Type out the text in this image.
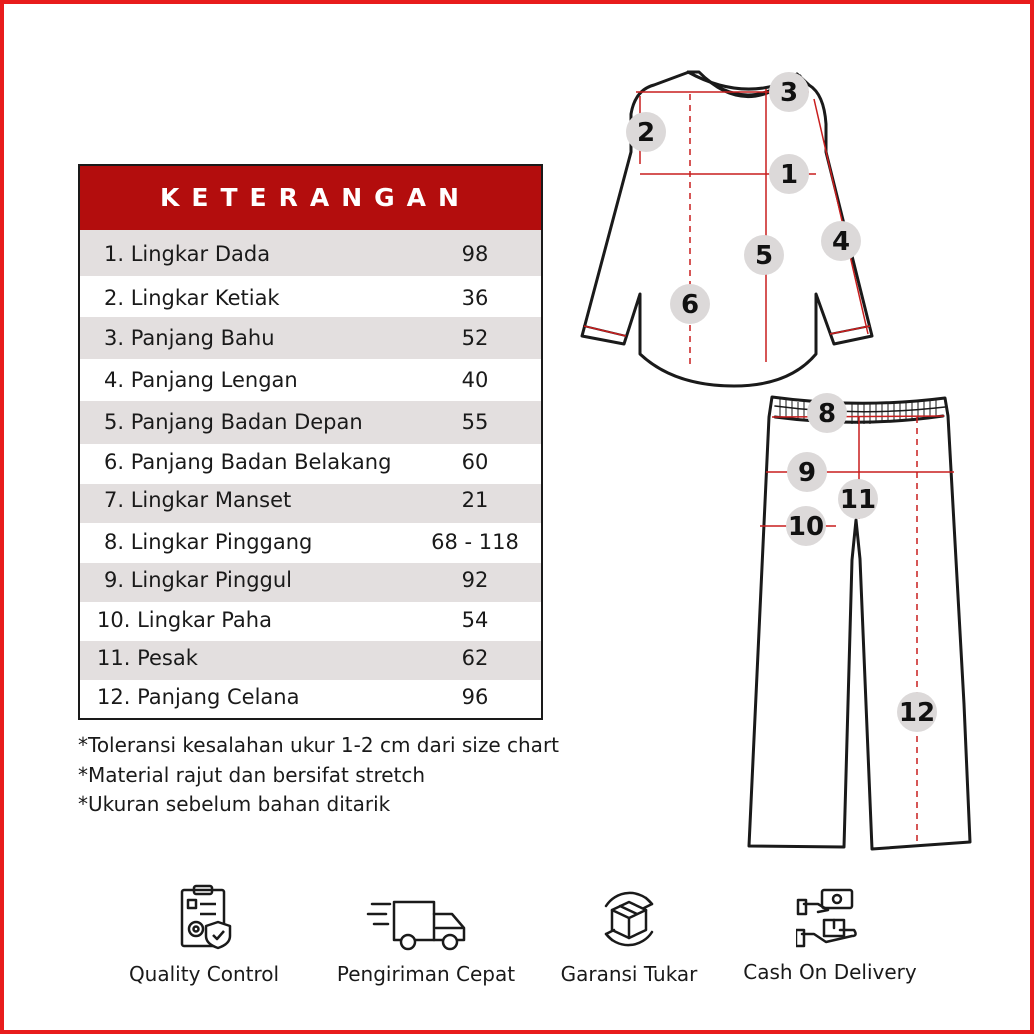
KETERANGAN
1. Lingkar Dada	98
2. Lingkar Ketiak	36
3. Panjang Bahu	52
4. Panjang Lengan	40
5. Panjang Badan Depan	55
6. Panjang Badan Belakang	60
7. Lingkar Manset	21
8. Lingkar Pinggang	68 - 118
9. Lingkar Pinggul	92
10. Lingkar Paha	54
11. Pesak	62
12. Panjang Celana	96
*Toleransi kesalahan ukur 1-2 cm dari size chart
*Material rajut dan bersifat stretch
*Ukuran sebelum bahan ditarik
1
2
3
4
5
6
8
9
10
11
12
Quality Control	Pengiriman Cepat	Garansi Tukar	Cash On Delivery
